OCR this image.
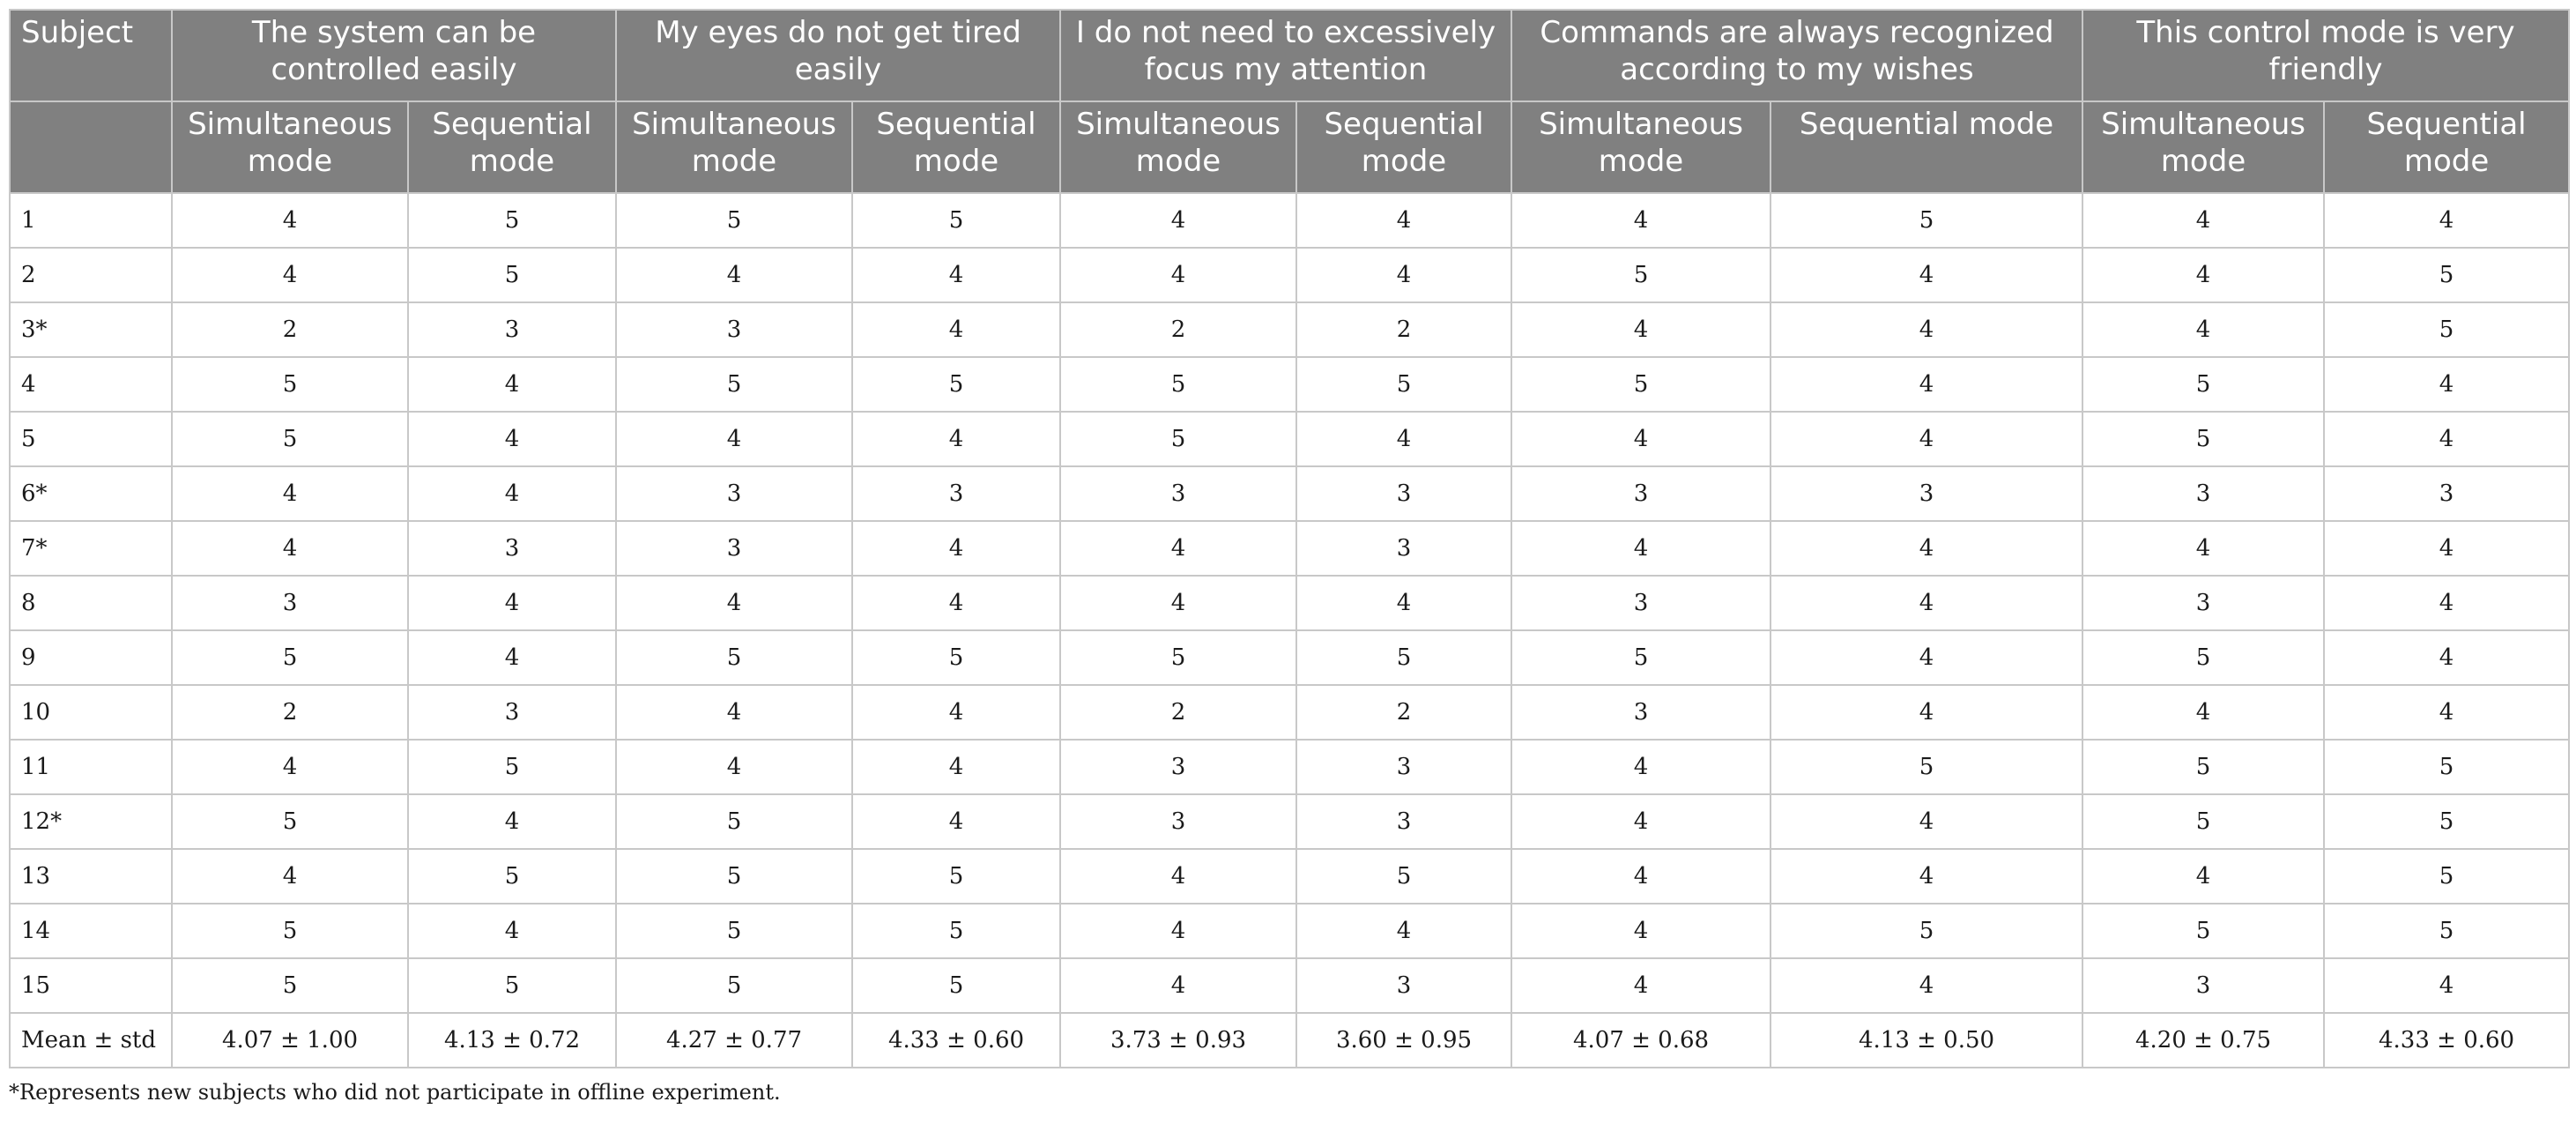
Subject	The system can be controlled easily		My eyes do not get tired easily		I do not need to excessively focus my attention		Commands are always recognized according to my wishes		This control mode is very friendly	
	Simultaneous mode	Sequential mode	Simultaneous mode	Sequential mode	Simultaneous mode	Sequential mode	Simultaneous mode	Sequential mode	Simultaneous mode	Sequential mode
1	4	5	5	5	4	4	4	5	4	4
2	4	5	4	4	4	4	5	4	4	5
3*	2	3	3	4	2	2	4	4	4	5
4	5	4	5	5	5	5	5	4	5	4
5	5	4	4	4	5	4	4	4	5	4
6*	4	4	3	3	3	3	3	3	3	3
7*	4	3	3	4	4	3	4	4	4	4
8	3	4	4	4	4	4	3	4	3	4
9	5	4	5	5	5	5	5	4	5	4
10	2	3	4	4	2	2	3	4	4	4
11	4	5	4	4	3	3	4	5	5	5
12*	5	4	5	4	3	3	4	4	5	5
13	4	5	5	5	4	5	4	4	4	5
14	5	4	5	5	4	4	4	5	5	5
15	5	5	5	5	4	3	4	4	3	4
Mean ± std	4.07 ± 1.00	4.13 ± 0.72	4.27 ± 0.77	4.33 ± 0.60	3.73 ± 0.93	3.60 ± 0.95	4.07 ± 0.68	4.13 ± 0.50	4.20 ± 0.75	4.33 ± 0.60
*Represents new subjects who did not participate in offline experiment.
